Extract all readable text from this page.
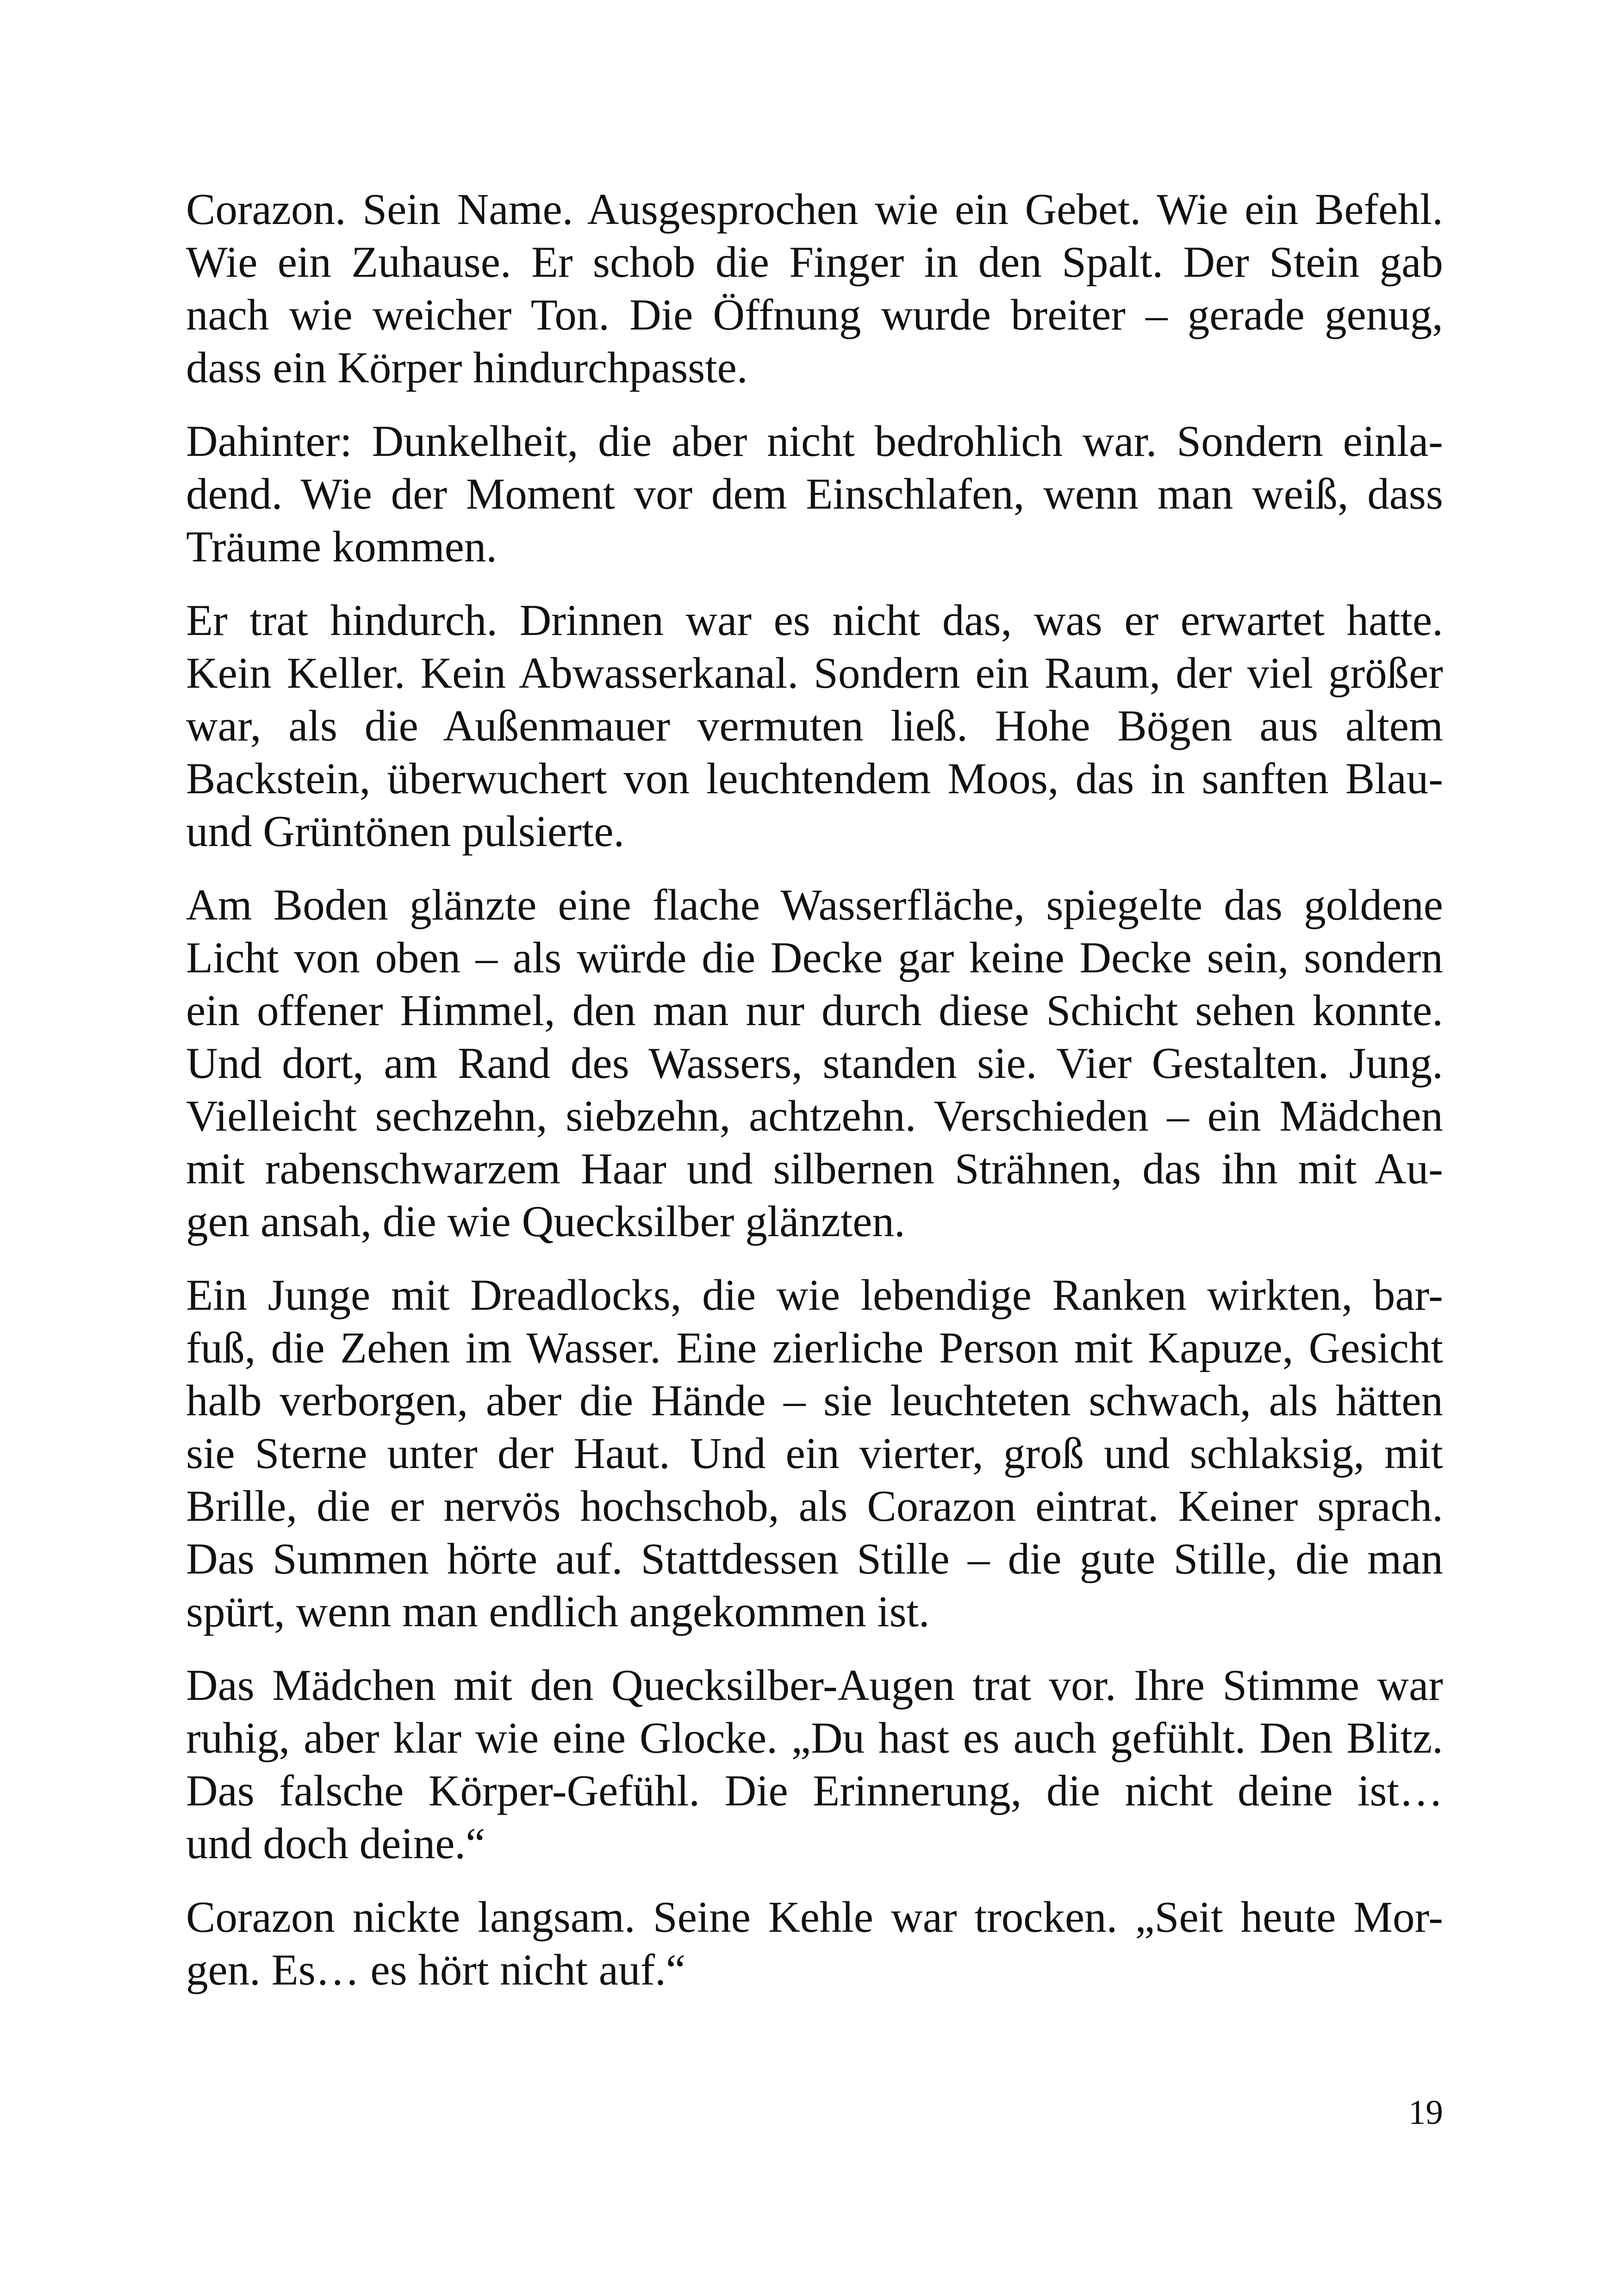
Corazon. Sein Name. Ausgesprochen wie ein Gebet. Wie ein Befehl.
Wie ein Zuhause. Er schob die Finger in den Spalt. Der Stein gab
nach wie weicher Ton. Die Öffnung wurde breiter – gerade genug,
dass ein Körper hindurchpasste.

Dahinter: Dunkelheit, die aber nicht bedrohlich war. Sondern einla-
dend. Wie der Moment vor dem Einschlafen, wenn man weiß, dass
Träume kommen.

Er trat hindurch. Drinnen war es nicht das, was er erwartet hatte.
Kein Keller. Kein Abwasserkanal. Sondern ein Raum, der viel größer
war, als die Außenmauer vermuten ließ. Hohe Bögen aus altem
Backstein, überwuchert von leuchtendem Moos, das in sanften Blau-
und Grüntönen pulsierte.

Am Boden glänzte eine flache Wasserfläche, spiegelte das goldene
Licht von oben – als würde die Decke gar keine Decke sein, sondern
ein offener Himmel, den man nur durch diese Schicht sehen konnte.
Und dort, am Rand des Wassers, standen sie. Vier Gestalten. Jung.
Vielleicht sechzehn, siebzehn, achtzehn. Verschieden – ein Mädchen
mit rabenschwarzem Haar und silbernen Strähnen, das ihn mit Au-
gen ansah, die wie Quecksilber glänzten.

Ein Junge mit Dreadlocks, die wie lebendige Ranken wirkten, bar-
fuß, die Zehen im Wasser. Eine zierliche Person mit Kapuze, Gesicht
halb verborgen, aber die Hände – sie leuchteten schwach, als hätten
sie Sterne unter der Haut. Und ein vierter, groß und schlaksig, mit
Brille, die er nervös hochschob, als Corazon eintrat. Keiner sprach.
Das Summen hörte auf. Stattdessen Stille – die gute Stille, die man
spürt, wenn man endlich angekommen ist.

Das Mädchen mit den Quecksilber-Augen trat vor. Ihre Stimme war
ruhig, aber klar wie eine Glocke. „Du hast es auch gefühlt. Den Blitz.
Das falsche Körper-Gefühl. Die Erinnerung, die nicht deine ist…
und doch deine.“

Corazon nickte langsam. Seine Kehle war trocken. „Seit heute Mor-
gen. Es… es hört nicht auf.“

19
